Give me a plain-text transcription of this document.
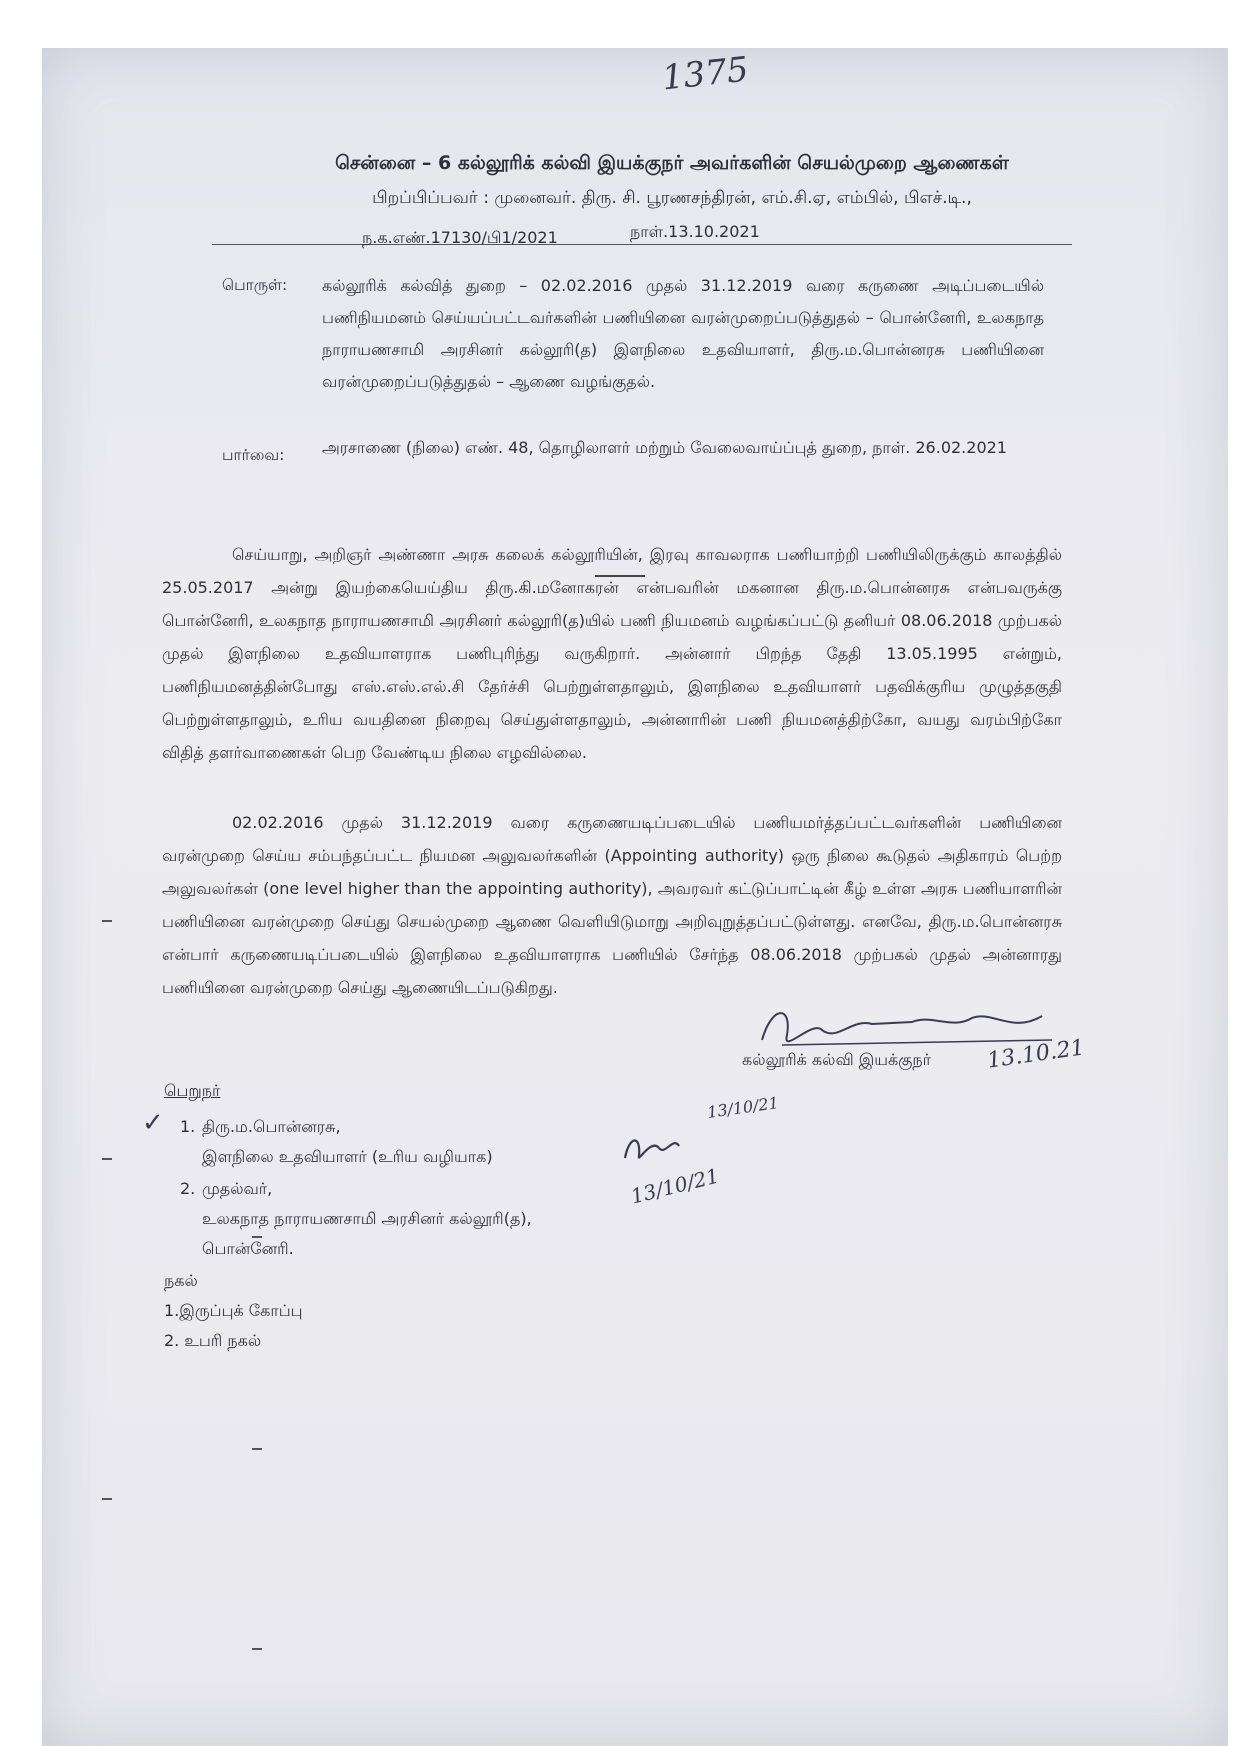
1375
சென்னை – 6 கல்லூரிக் கல்வி இயக்குநர் அவர்களின் செயல்முறை ஆணைகள்
பிறப்பிப்பவர் : முனைவர். திரு. சி. பூரணசந்திரன், எம்.சி.ஏ, எம்பில், பிஎச்.டி.,
ந.க.எண்.17130/பி1/2021	நாள்.13.10.2021
பொருள்: கல்லூரிக் கல்வித் துறை – 02.02.2016 முதல் 31.12.2019 வரை கருணை அடிப்படையில் பணிநியமனம் செய்யப்பட்டவர்களின் பணியினை வரன்முறைப்படுத்துதல் – பொன்னேரி, உலகநாத நாராயணசாமி அரசினர் கல்லூரி(த) இளநிலை உதவியாளர், திரு.ம.பொன்னரசு பணியினை வரன்முறைப்படுத்துதல் – ஆணை வழங்குதல்.
பார்வை: அரசாணை (நிலை) எண். 48, தொழிலாளர் மற்றும் வேலைவாய்ப்புத் துறை, நாள். 26.02.2021
செய்யாறு, அறிஞர் அண்ணா அரசு கலைக் கல்லூரியின், இரவு காவலராக பணியாற்றி பணியிலிருக்கும் காலத்தில் 25.05.2017 அன்று இயற்கையெய்திய திரு.கி.மனோகரன் என்பவரின் மகனான திரு.ம.பொன்னரசு என்பவருக்கு பொன்னேரி, உலகநாத நாராயணசாமி அரசினர் கல்லூரி(த)யில் பணி நியமனம் வழங்கப்பட்டு தனியர் 08.06.2018 முற்பகல் முதல் இளநிலை உதவியாளராக பணிபுரிந்து வருகிறார். அன்னார் பிறந்த தேதி 13.05.1995 என்றும், பணிநியமனத்தின்போது எஸ்.எஸ்.எல்.சி தேர்ச்சி பெற்றுள்ளதாலும், இளநிலை உதவியாளர் பதவிக்குரிய முழுத்தகுதி பெற்றுள்ளதாலும், உரிய வயதினை நிறைவு செய்துள்ளதாலும், அன்னாரின் பணி நியமனத்திற்கோ, வயது வரம்பிற்கோ விதித் தளர்வாணைகள் பெற வேண்டிய நிலை எழவில்லை.
02.02.2016 முதல் 31.12.2019 வரை கருணையடிப்படையில் பணியமர்த்தப்பட்டவர்களின் பணியினை வரன்முறை செய்ய சம்பந்தப்பட்ட நியமன அலுவலர்களின் (Appointing authority) ஒரு நிலை கூடுதல் அதிகாரம் பெற்ற அலுவலர்கள் (one level higher than the appointing authority), அவரவர் கட்டுப்பாட்டின் கீழ் உள்ள அரசு பணியாளரின் பணியினை வரன்முறை செய்து செயல்முறை ஆணை வெளியிடுமாறு அறிவுறுத்தப்பட்டுள்ளது. எனவே, திரு.ம.பொன்னரசு என்பார் கருணையடிப்படையில் இளநிலை உதவியாளராக பணியில் சேர்ந்த 08.06.2018 முற்பகல் முதல் அன்னாரது பணியினை வரன்முறை செய்து ஆணையிடப்படுகிறது.
கல்லூரிக் கல்வி இயக்குநர் 13.10.21
பெறுநர்
✓ 1. திரு.ம.பொன்னரசு,
இளநிலை உதவியாளர் (உரிய வழியாக)
2. முதல்வர்,
உலகநாத நாராயணசாமி அரசினர் கல்லூரி(த),
பொன்னேரி.
13/10/21
13/10/21
நகல்
1.இருப்புக் கோப்பு
2. உபரி நகல்
